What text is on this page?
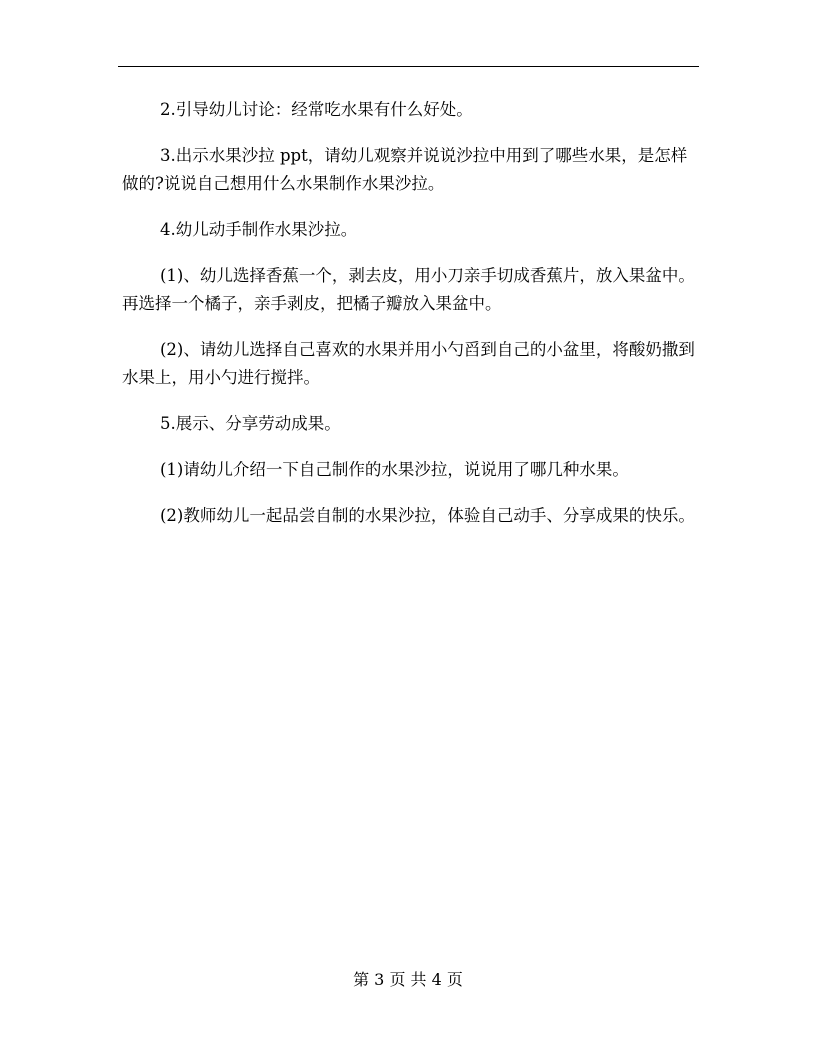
2.引导幼儿讨论：经常吃水果有什么好处。

3.出示水果沙拉 ppt，请幼儿观察并说说沙拉中用到了哪些水果，是怎样做的?说说自己想用什么水果制作水果沙拉。

4.幼儿动手制作水果沙拉。

(1)、幼儿选择香蕉一个，剥去皮，用小刀亲手切成香蕉片，放入果盆中。再选择一个橘子，亲手剥皮，把橘子瓣放入果盆中。

(2)、请幼儿选择自己喜欢的水果并用小勺舀到自己的小盆里，将酸奶撒到水果上，用小勺进行搅拌。

5.展示、分享劳动成果。

(1)请幼儿介绍一下自己制作的水果沙拉，说说用了哪几种水果。

(2)教师幼儿一起品尝自制的水果沙拉，体验自己动手、分享成果的快乐。

第 3 页 共 4 页
